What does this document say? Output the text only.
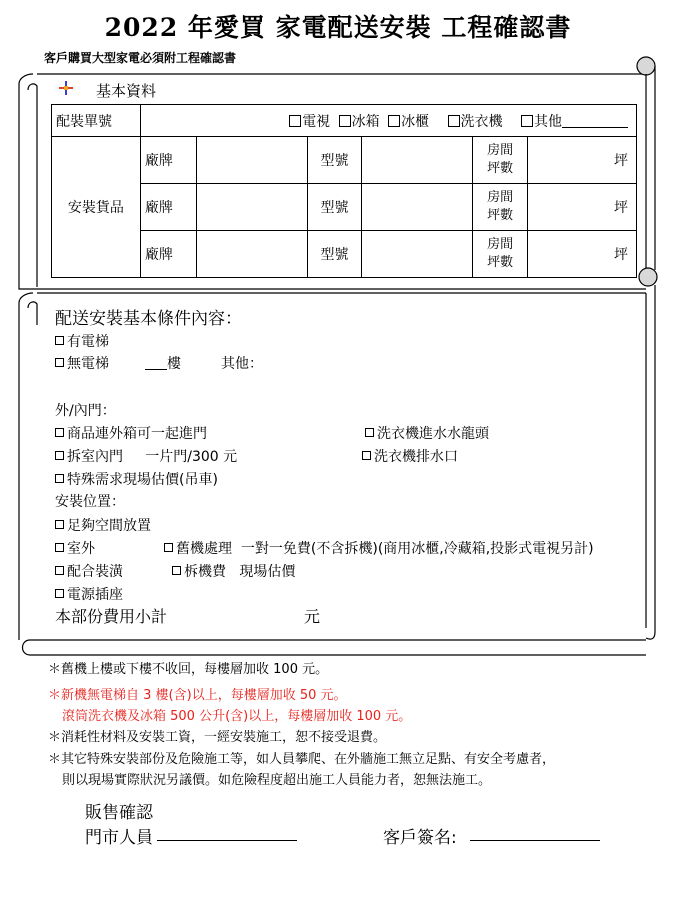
2022 年愛買 家電配送安裝 工程確認書
客戶購買大型家電必須附工程確認書
基本資料
配裝單號	電視 冰箱 冰櫃 洗衣機 其他					
安裝貨品	廠牌		型號		房間
坪數	坪
	廠牌		型號		房間
坪數	坪
	廠牌		型號		房間
坪數	坪
配送安裝基本條件內容：
有電梯
無電梯	樓	其他：
外/內門：
商品連外箱可一起進門
拆室內門     一片門/300 元
特殊需求現場估價(吊車)
洗衣機進水水龍頭
洗衣機排水口
安裝位置：
足夠空間放置
室外	舊機處理  一對一免費(不含拆機)(商用冰櫃,冷藏箱,投影式電視另計)
配合裝潢	柝機費   現場估價
電源插座
本部份費用小計	元
＊舊機上樓或下樓不收回，每樓層加收 100 元。
＊新機無電梯自 3 樓(含)以上，每樓層加收 50 元。
滾筒洗衣機及冰箱 500 公升(含)以上，每樓層加收 100 元。
＊消耗性材料及安裝工資，一經安裝施工，恕不接受退費。
＊其它特殊安裝部份及危險施工等，如人員攀爬、在外牆施工無立足點、有安全考慮者，
則以現場實際狀況另議價。如危險程度超出施工人員能力者，恕無法施工。
販售確認
門市人員	客戶簽名:
